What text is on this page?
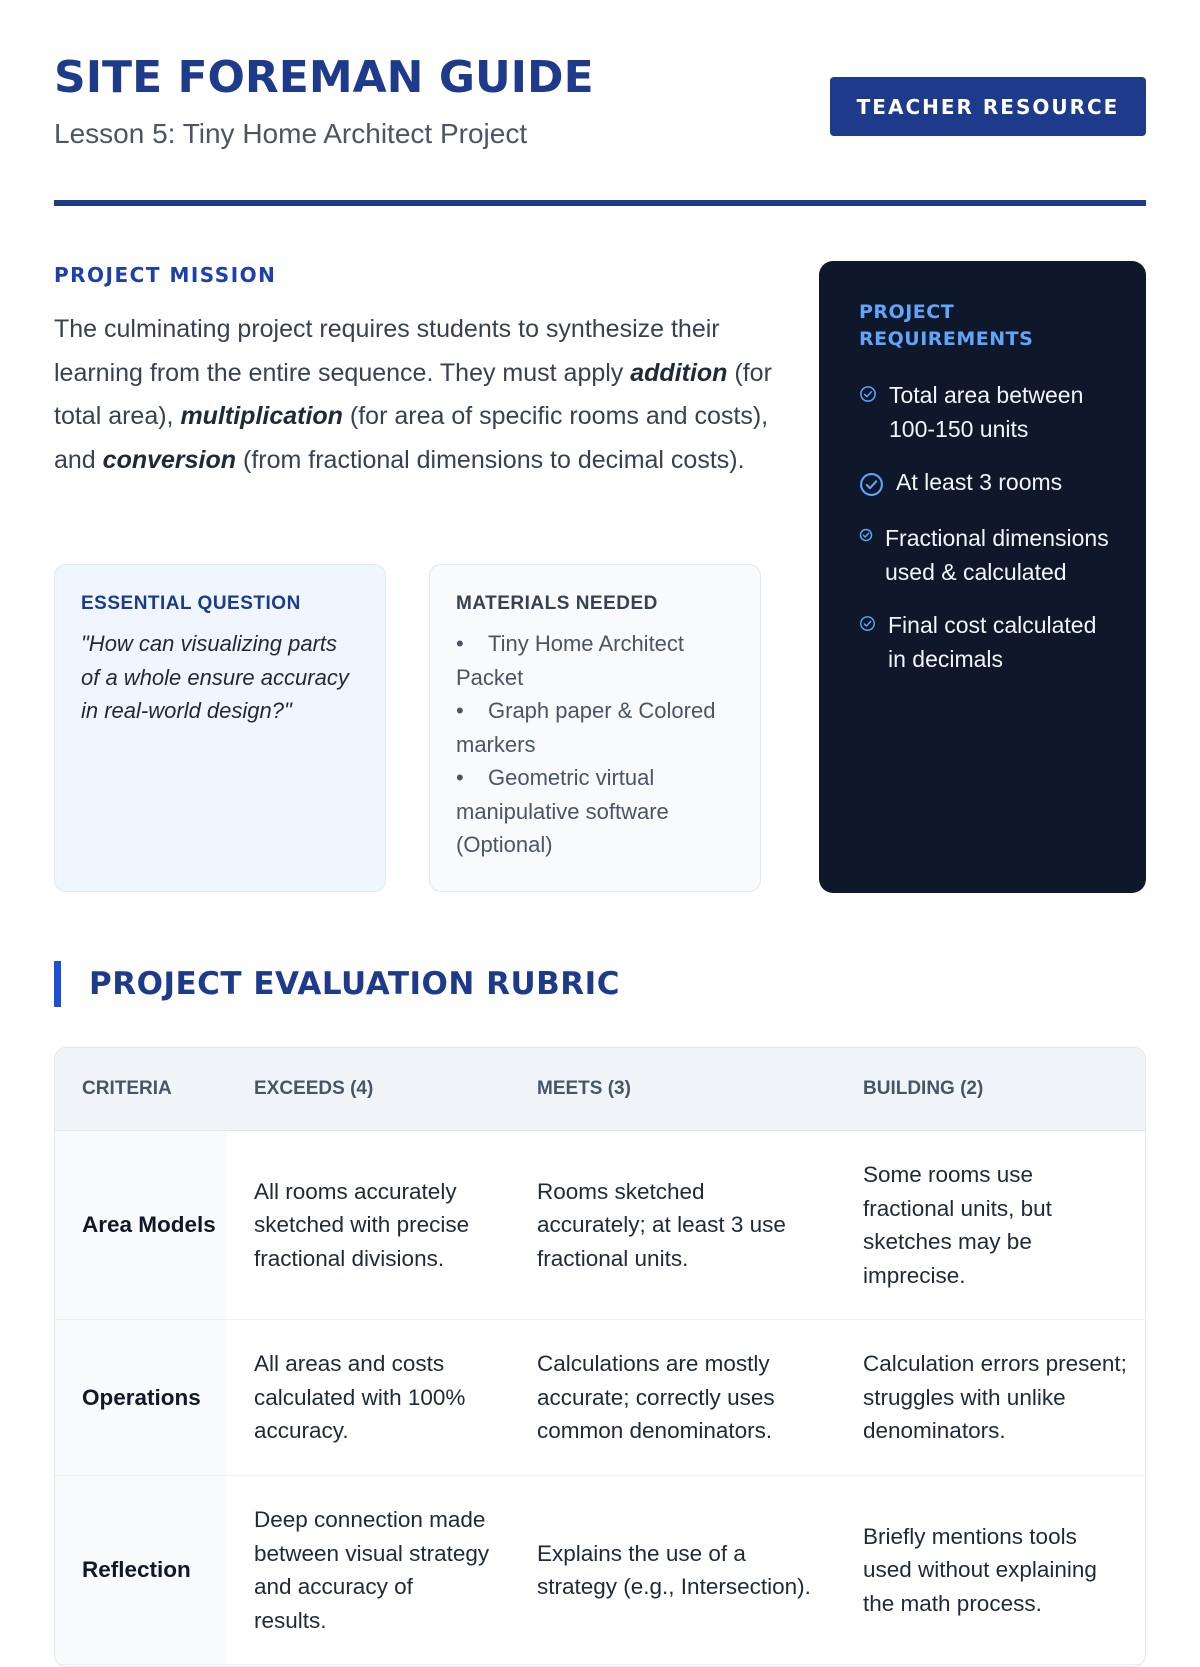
SITE FOREMAN GUIDE

Lesson 5: Tiny Home Architect Project

TEACHER RESOURCE
PROJECT MISSION

The culminating project requires students to synthesize their learning from the entire sequence. They must apply addition (for total area), multiplication (for area of specific rooms and costs), and conversion (from fractional dimensions to decimal costs).

ESSENTIAL QUESTION

"How can visualizing parts of a whole ensure accuracy in real-world design?"

MATERIALS NEEDED
• Tiny Home Architect Packet
• Graph paper & Colored markers
• Geometric virtual manipulative software (Optional)
PROJECT REQUIREMENTS
Total area between 100-150 units
At least 3 rooms
Fractional dimensions used & calculated
Final cost calculated in decimals
PROJECT EVALUATION RUBRIC
CRITERIA	EXCEEDS (4)	MEETS (3)	BUILDING (2)
Area Models	All rooms accurately sketched with precise fractional divisions.	Rooms sketched accurately; at least 3 use fractional units.	Some rooms use fractional units, but sketches may be imprecise.
Operations	All areas and costs calculated with 100% accuracy.	Calculations are mostly accurate; correctly uses common denominators.	Calculation errors present; struggles with unlike denominators.
Reflection	Deep connection made between visual strategy and accuracy of results.	Explains the use of a strategy (e.g., Intersection).	Briefly mentions tools used without explaining the math process.
